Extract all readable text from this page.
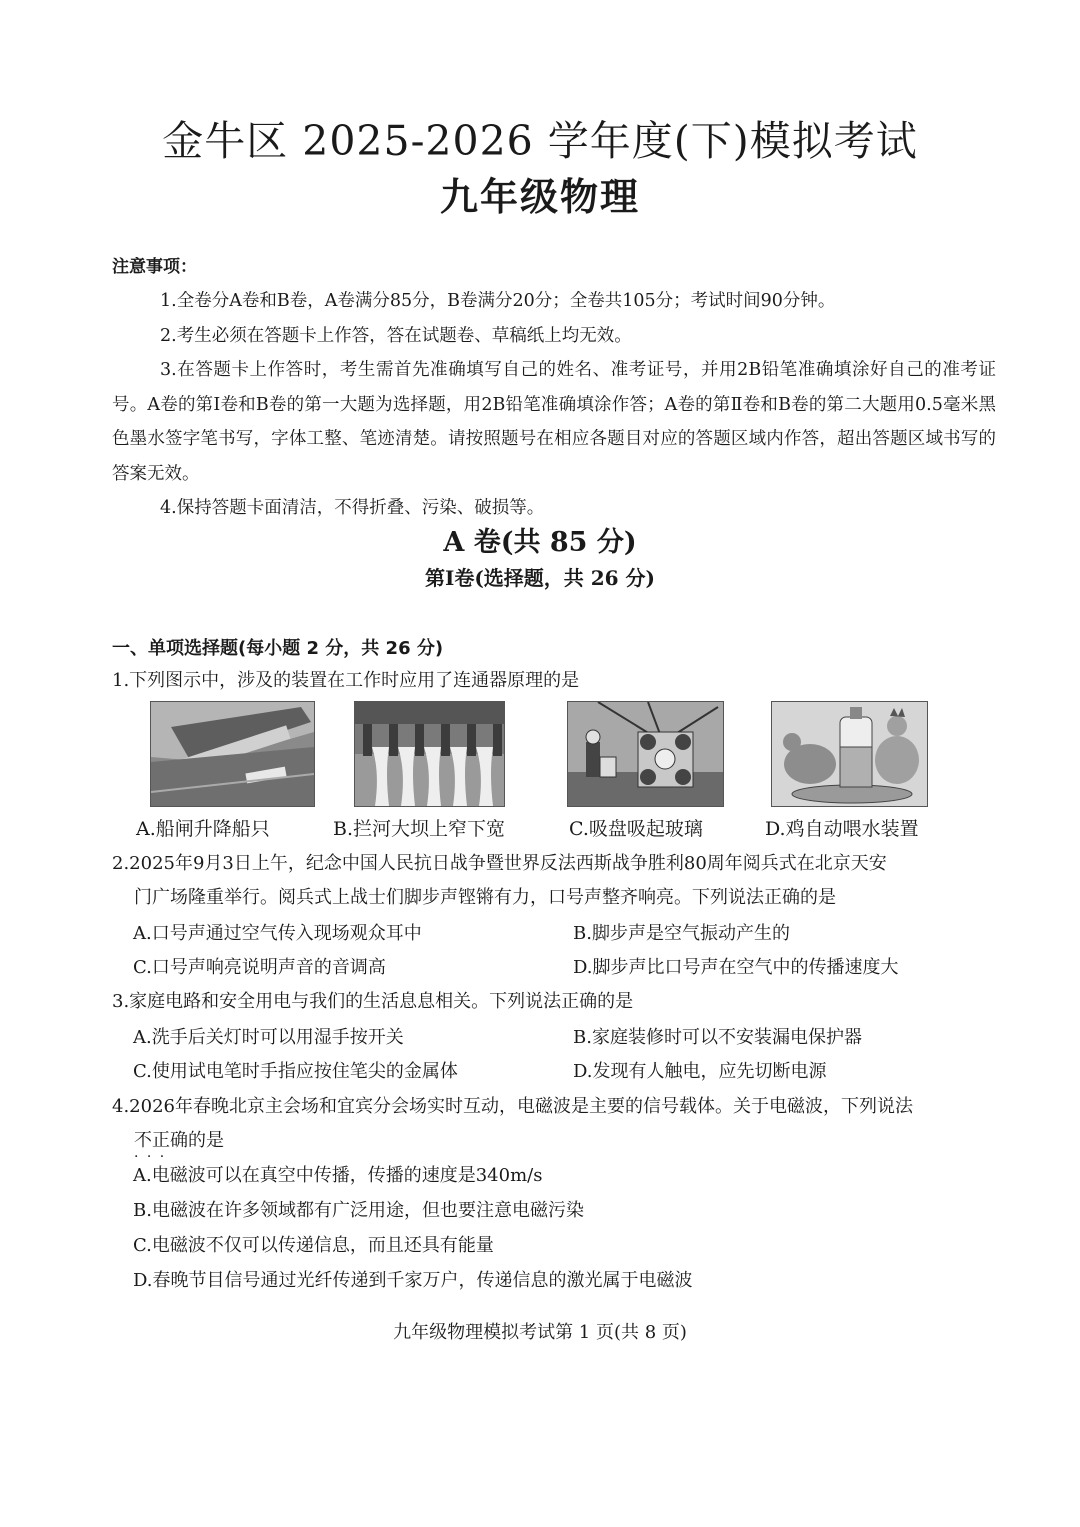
金牛区 2025-2026 学年度(下)模拟考试
九年级物理
注意事项：

1.全卷分A卷和B卷，A卷满分85分，B卷满分20分；全卷共105分；考试时间90分钟。

2.考生必须在答题卡上作答，答在试题卷、草稿纸上均无效。

3.在答题卡上作答时，考生需首先准确填写自己的姓名、准考证号，并用2B铅笔准确填涂好自己的准考证号。A卷的第Ⅰ卷和B卷的第一大题为选择题，用2B铅笔准确填涂作答；A卷的第Ⅱ卷和B卷的第二大题用0.5毫米黑色墨水签字笔书写，字体工整、笔迹清楚。请按照题号在相应各题目对应的答题区域内作答，超出答题区域书写的答案无效。

4.保持答题卡面清洁，不得折叠、污染、破损等。

A 卷(共 85 分)
第Ⅰ卷(选择题，共 26 分)
一、单项选择题(每小题 2 分，共 26 分)
1.下列图示中，涉及的装置在工作时应用了连通器原理的是
A.船闸升降船只	B.拦河大坝上窄下宽	C.吸盘吸起玻璃	D.鸡自动喂水装置
2.2025年9月3日上午，纪念中国人民抗日战争暨世界反法西斯战争胜利80周年阅兵式在北京天安
门广场隆重举行。阅兵式上战士们脚步声铿锵有力，口号声整齐响亮。下列说法正确的是
A.口号声通过空气传入现场观众耳中	B.脚步声是空气振动产生的
C.口号声响亮说明声音的音调高	D.脚步声比口号声在空气中的传播速度大
3.家庭电路和安全用电与我们的生活息息相关。下列说法正确的是
A.洗手后关灯时可以用湿手按开关	B.家庭装修时可以不安装漏电保护器
C.使用试电笔时手指应按住笔尖的金属体	D.发现有人触电，应先切断电源
4.2026年春晚北京主会场和宜宾分会场实时互动，电磁波是主要的信号载体。关于电磁波，下列说法
不正确 · · ·的是
A.电磁波可以在真空中传播，传播的速度是340m/s
B.电磁波在许多领域都有广泛用途，但也要注意电磁污染
C.电磁波不仅可以传递信息，而且还具有能量
D.春晚节目信号通过光纤传递到千家万户，传递信息的激光属于电磁波
九年级物理模拟考试第 1 页(共 8 页)
